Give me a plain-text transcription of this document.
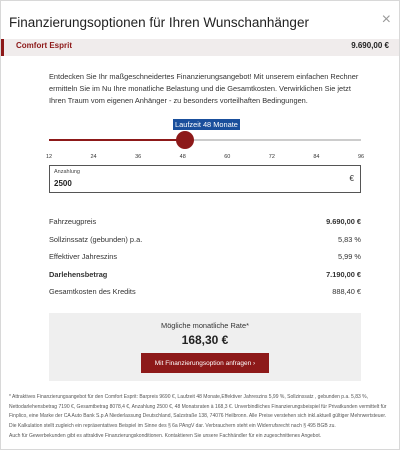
Finanzierungsoptionen für Ihren Wunschanhänger	×
Comfort Esprit	9.690,00 €
Entdecken Sie Ihr maßgeschneidertes Finanzierungsangebot! Mit unserem einfachen Rechner ermitteln Sie im Nu Ihre monatliche Belastung und die Gesamtkosten. Verwirklichen Sie jetzt Ihren Traum vom eigenen Anhänger - zu besonders vorteilhaften Bedingungen.
Laufzeit 48 Monate
12	24	36	48	60	72	84	96
Anzahlung
2500
€
Fahrzeugpreis	9.690,00 €
Sollzinssatz (gebunden) p.a.	5,83 %
Effektiver Jahreszins	5,99 %
Darlehensbetrag	7.190,00 €
Gesamtkosten des Kredits	888,40 €
Mögliche monatliche Rate*
168,30 €
Mit Finanzierungsoption anfragen ›
* Attraktives Finanzierungsangebot für den Comfort Esprit: Barpreis 9690 €, Laufzeit 48 Monate,Effektiver Jahreszins 5,99 %, Sollzinssatz , gebunden p.a. 5,83 %, Nettodarlehensbetrag 7190 €, Gesamtbetrag 8078,4 €, Anzahlung 2500 €, 48 Monatsraten à 168,3 €. Unverbindliches Finanzierungsbeispiel für Privatkunden vermittelt für Finplico, eine Marke der CA Auto Bank S.p.A Niederlassung Deutschland, Salzstraße 138, 74076 Heilbronn. Alle Preise verstehen sich inkl.aktuell gültiger Mehrwertsteuer. Die Kalkulation stellt zugleich ein repräsentatives Beispiel im Sinne des § 6a PAngV dar. Verbrauchern steht ein Widerrufsrecht nach § 495 BGB zu.
Auch für Gewerbekunden gibt es attraktive Finanzierungskonditionen. Kontaktieren Sie unsere Fachhändler für ein zugeschnittenes Angebot.
